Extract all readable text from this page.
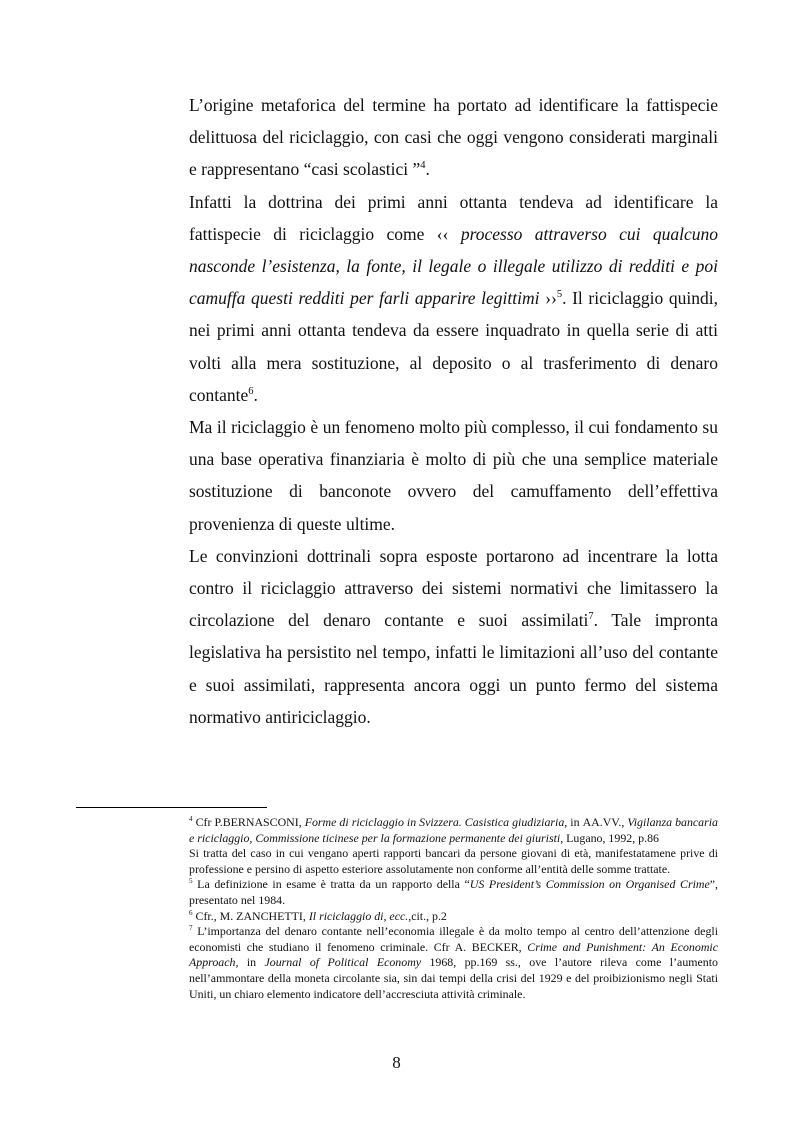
L’origine metaforica del termine ha portato ad identificare la fattispecie delittuosa del riciclaggio, con casi che oggi vengono considerati marginali e rappresentano “casi scolastici ”$^4$.

Infatti la dottrina dei primi anni ottanta tendeva ad identificare la fattispecie di riciclaggio come ‹‹ processo attraverso cui qualcuno nasconde l’esistenza, la fonte, il legale o illegale utilizzo di redditi e poi camuffa questi redditi per farli apparire legittimi ››$^5$. Il riciclaggio quindi, nei primi anni ottanta tendeva da essere inquadrato in quella serie di atti volti alla mera sostituzione, al deposito o al trasferimento di denaro contante$^6$.

Ma il riciclaggio è un fenomeno molto più complesso, il cui fondamento su una base operativa finanziaria è molto di più che una semplice materiale sostituzione di banconote ovvero del camuffamento dell’effettiva provenienza di queste ultime.

Le convinzioni dottrinali sopra esposte portarono ad incentrare la lotta contro il riciclaggio attraverso dei sistemi normativi che limitassero la circolazione del denaro contante e suoi assimilati$^7$. Tale impronta legislativa ha persistito nel tempo, infatti le limitazioni all’uso del contante e suoi assimilati, rappresenta ancora oggi un punto fermo del sistema normativo antiriciclaggio.

$^4$ Cfr P.BERNASCONI, Forme di riciclaggio in Svizzera. Casistica giudiziaria, in AA.VV., Vigilanza bancaria e riciclaggio, Commissione ticinese per la formazione permanente dei giuristi, Lugano, 1992, p.86

Si tratta del caso in cui vengano aperti rapporti bancari da persone giovani di età, manifestatamene prive di professione e persino di aspetto esteriore assolutamente non conforme all’entità delle somme trattate.

$^5$ La definizione in esame è tratta da un rapporto della “US President’s Commission on Organised Crime”, presentato nel 1984.

$^6$ Cfr., M. ZANCHETTI, Il riciclaggio di, ecc.,cit., p.2

$^7$ L’importanza del denaro contante nell’economia illegale è da molto tempo al centro dell’attenzione degli economisti che studiano il fenomeno criminale. Cfr A. BECKER, Crime and Punishment: An Economic Approach, in Journal of Political Economy 1968, pp.169 ss., ove l’autore rileva come l’aumento nell’ammontare della moneta circolante sia, sin dai tempi della crisi del 1929 e del proibizionismo negli Stati Uniti, un chiaro elemento indicatore dell’accresciuta attività criminale.

8
